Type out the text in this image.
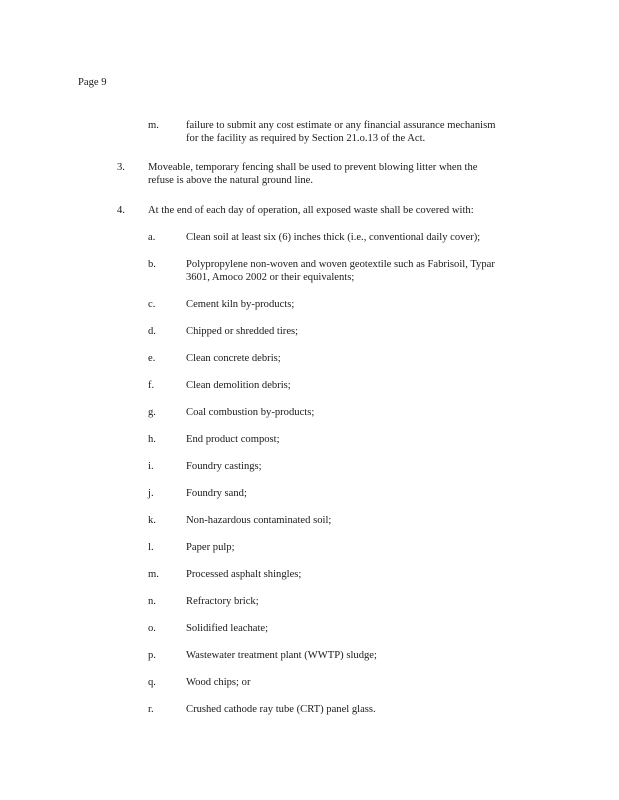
Page 9
m.	failure to submit any cost estimate or any financial assurance mechanism
for the facility as required by Section 21.o.13 of the Act.
3. Moveable, temporary fencing shall be used to prevent blowing litter when the
refuse is above the natural ground line.
4. At the end of each day of operation, all exposed waste shall be covered with:
a.	Clean soil at least six (6) inches thick (i.e., conventional daily cover);
b.	Polypropylene non-woven and woven geotextile such as Fabrisoil, Typar
3601, Amoco 2002 or their equivalents;
c.	Cement kiln by-products;
d.	Chipped or shredded tires;
e.	Clean concrete debris;
f.	Clean demolition debris;
g.	Coal combustion by-products;
h.	End product compost;
i.	Foundry castings;
j.	Foundry sand;
k.	Non-hazardous contaminated soil;
l.	Paper pulp;
m.	Processed asphalt shingles;
n.	Refractory brick;
o.	Solidified leachate;
p.	Wastewater treatment plant (WWTP) sludge;
q.	Wood chips; or
r.	Crushed cathode ray tube (CRT) panel glass.
